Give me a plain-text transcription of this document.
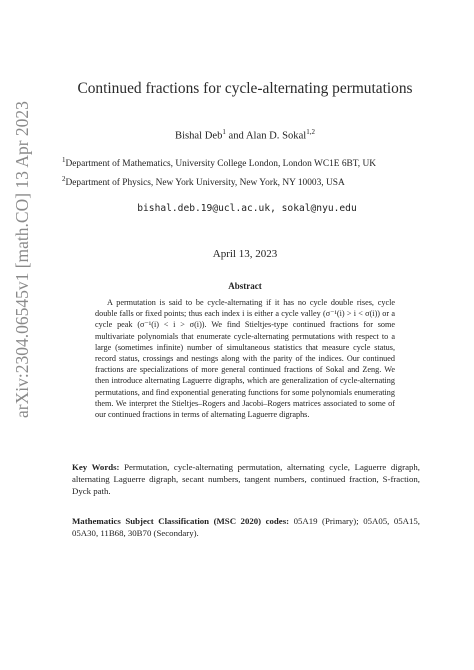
arXiv:2304.06545v1 [math.CO] 13 Apr 2023
Continued fractions for cycle-alternating permutations
Bishal Deb$^1$ and Alan D. Sokal$^{1,2}$
$^1$Department of Mathematics, University College London, London WC1E 6BT, UK
$^2$Department of Physics, New York University, New York, NY 10003, USA
bishal.deb.19@ucl.ac.uk, sokal@nyu.edu
April 13, 2023
Abstract

A permutation is said to be cycle-alternating if it has no cycle double rises, cycle double falls or fixed points; thus each index i is either a cycle valley (σ⁻¹(i) > i < σ(i)) or a cycle peak (σ⁻¹(i) < i > σ(i)). We find Stieltjes-type continued fractions for some multivariate polynomials that enumerate cycle-alternating permutations with respect to a large (sometimes infinite) number of simultaneous statistics that measure cycle status, record status, crossings and nestings along with the parity of the indices. Our continued fractions are specializations of more general continued fractions of Sokal and Zeng. We then introduce alternating Laguerre digraphs, which are generalization of cycle-alternating permutations, and find exponential generating functions for some polynomials enumerating them. We interpret the Stieltjes–Rogers and Jacobi–Rogers matrices associated to some of our continued fractions in terms of alternating Laguerre digraphs.

Key Words: Permutation, cycle-alternating permutation, alternating cycle, Laguerre digraph, alternating Laguerre digraph, secant numbers, tangent numbers, continued fraction, S-fraction, Dyck path.

Mathematics Subject Classification (MSC 2020) codes: 05A19 (Primary); 05A05, 05A15, 05A30, 11B68, 30B70 (Secondary).
